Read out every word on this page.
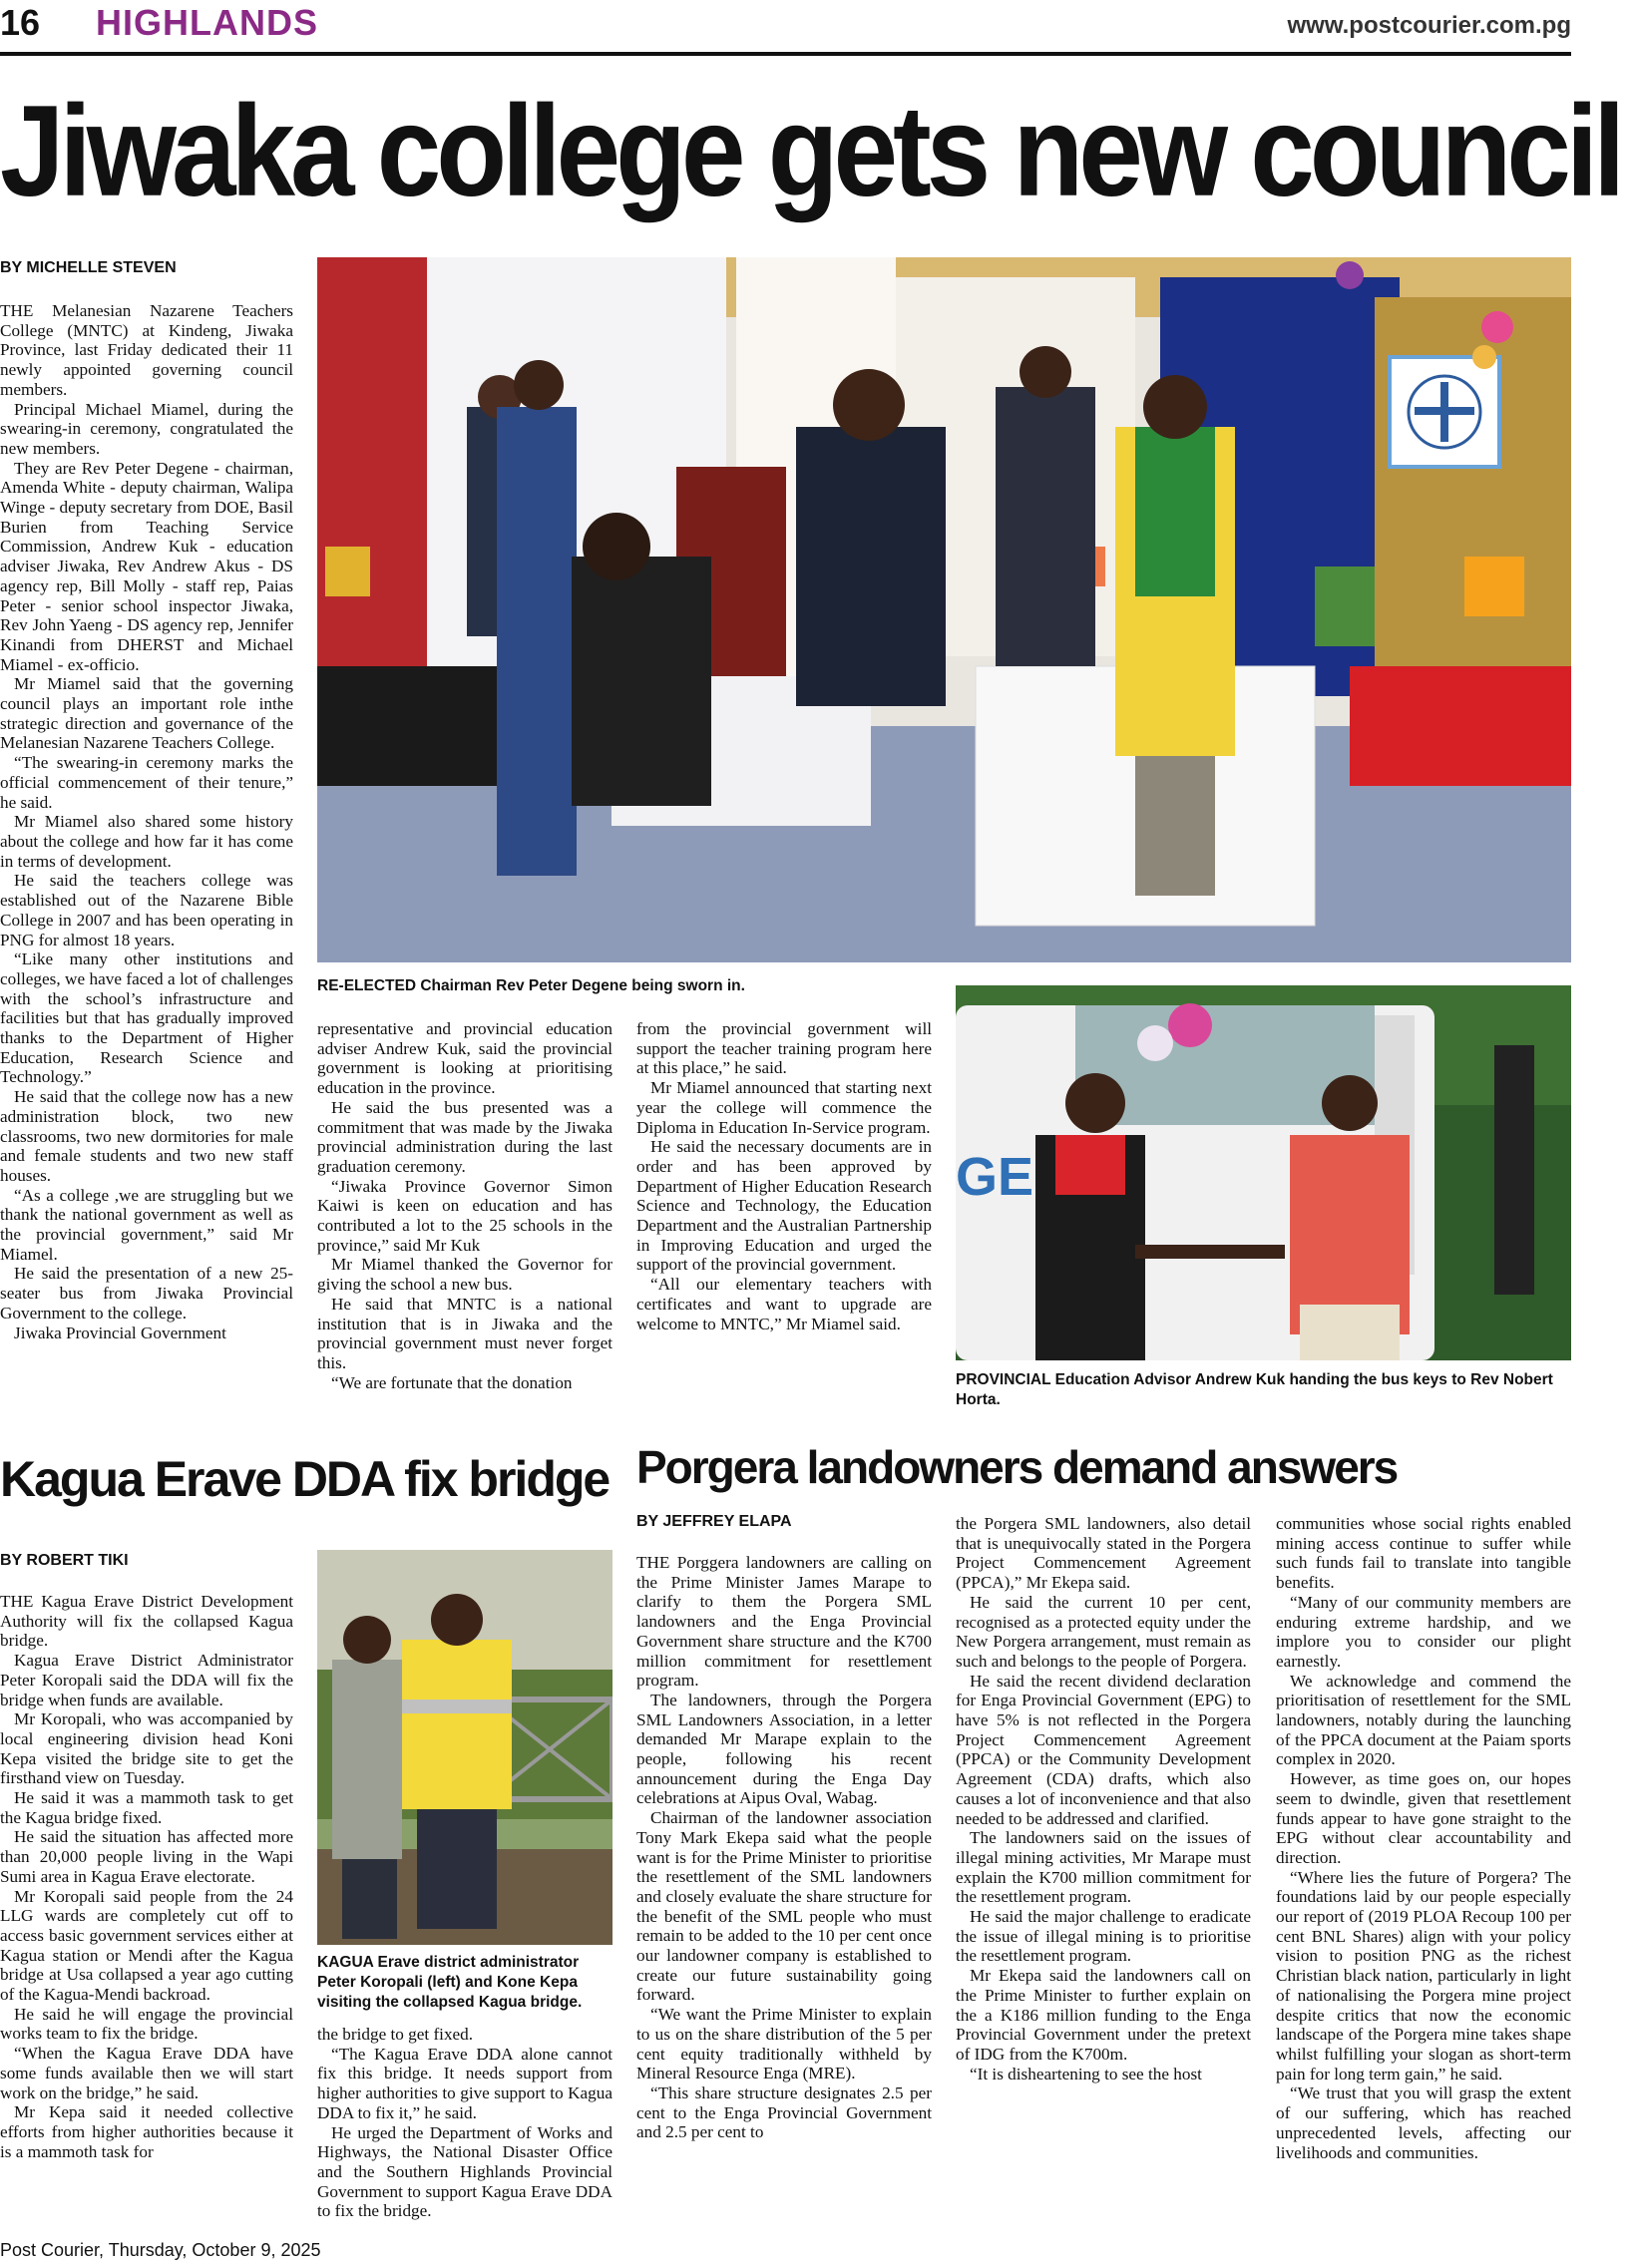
16 HIGHLANDS	www.postcourier.com.pg
Jiwaka college gets new council
BY MICHELLE STEVEN

THE Melanesian Nazarene Teachers College (MNTC) at Kindeng, Jiwaka Province, last Friday dedicated their 11 newly appointed governing council members.

Principal Michael Miamel, during the swearing-in ceremony, congratulated the new members.

They are Rev Peter Degene - chairman, Amenda White - deputy chairman, Walipa Winge - deputy secretary from DOE, Basil Burien from Teaching Service Commission, Andrew Kuk - education adviser Jiwaka, Rev Andrew Akus - DS agency rep, Bill Molly - staff rep, Paias Peter - senior school inspector Jiwaka, Rev John Yaeng - DS agency rep, Jennifer Kinandi from DHERST and Michael Miamel - ex-officio.

Mr Miamel said that the governing council plays an important role inthe strategic direction and governance of the Melanesian Nazarene Teachers College.

“The swearing-in ceremony marks the official commencement of their tenure,” he said.

Mr Miamel also shared some history about the college and how far it has come in terms of development.

He said the teachers college was established out of the Nazarene Bible College in 2007 and has been operating in PNG for almost 18 years.

“Like many other institutions and colleges, we have faced a lot of challenges with the school’s infrastructure and facilities but that has gradually improved thanks to the Department of Higher Education, Research Science and Technology.”

He said that the college now has a new administration block, two new classrooms, two new dormitories for male and female students and two new staff houses.

“As a college ,we are struggling but we thank the national government as well as the provincial government,” said Mr Miamel.

He said the presentation of a new 25-seater bus from Jiwaka Provincial Government to the college.

Jiwaka Provincial Government

RE-ELECTED Chairman Rev Peter Degene being sworn in.

representative and provincial education adviser Andrew Kuk, said the provincial government is looking at prioritising education in the province.

He said the bus presented was a commitment that was made by the Jiwaka provincial administration during the last graduation ceremony.

“Jiwaka Province Governor Simon Kaiwi is keen on education and has contributed a lot to the 25 schools in the province,” said Mr Kuk

Mr Miamel thanked the Governor for giving the school a new bus.

He said that MNTC is a national institution that is in Jiwaka and the provincial government must never forget this.

“We are fortunate that the donation

from the provincial government will support the teacher training program here at this place,” he said.

Mr Miamel announced that starting next year the college will commence the Diploma in Education In-Service program.

He said the necessary documents are in order and has been approved by Department of Higher Education Research Science and Technology, the Education Department and the Australian Partnership in Improving Education and urged the support of the provincial government.

“All our elementary teachers with certificates and want to upgrade are welcome to MNTC,” Mr Miamel said.

GE
PROVINCIAL Education Advisor Andrew Kuk handing the bus keys to Rev Nobert Horta.
Kagua Erave DDA fix bridge
BY ROBERT TIKI

THE Kagua Erave District Development Authority will fix the collapsed Kagua bridge.

Kagua Erave District Administrator Peter Koropali said the DDA will fix the bridge when funds are available.

Mr Koropali, who was accompanied by local engineering division head Koni Kepa visited the bridge site to get the firsthand view on Tuesday.

He said it was a mammoth task to get the Kagua bridge fixed.

He said the situation has affected more than 20,000 people living in the Wapi Sumi area in Kagua Erave electorate.

Mr Koropali said people from the 24 LLG wards are completely cut off to access basic government services either at Kagua station or Mendi after the Kagua bridge at Usa collapsed a year ago cutting of the Kagua-Mendi backroad.

He said he will engage the provincial works team to fix the bridge.

“When the Kagua Erave DDA have some funds available then we will start work on the bridge,” he said.

Mr Kepa said it needed collective efforts from higher authorities because it is a mammoth task for

KAGUA Erave district administrator Peter Koropali (left) and Kone Kepa visiting the collapsed Kagua bridge.

the bridge to get fixed.

“The Kagua Erave DDA alone cannot fix this bridge. It needs support from higher authorities to give support to Kagua DDA to fix it,” he said.

He urged the Department of Works and Highways, the National Disaster Office and the Southern Highlands Provincial Government to support Kagua Erave DDA to fix the bridge.

Porgera landowners demand answers
BY JEFFREY ELAPA

THE Porggera landowners are calling on the Prime Minister James Marape to clarify to them the Porgera SML landowners and the Enga Provincial Government share structure and the K700 million commitment for resettlement program.

The landowners, through the Porgera SML Landowners Association, in a letter demanded Mr Marape explain to the people, following his recent announcement during the Enga Day celebrations at Aipus Oval, Wabag.

Chairman of the landowner association Tony Mark Ekepa said what the people want is for the Prime Minister to prioritise the resettlement of the SML landowners and closely evaluate the share structure for the benefit of the SML people who must remain to be added to the 10 per cent once our landowner company is established to create our future sustainability going forward.

“We want the Prime Minister to explain to us on the share distribution of the 5 per cent equity traditionally withheld by Mineral Resource Enga (MRE).

“This share structure designates 2.5 per cent to the Enga Provincial Government and 2.5 per cent to

the Porgera SML landowners, also detail that is unequivocally stated in the Porgera Project Commencement Agreement (PPCA),” Mr Ekepa said.

He said the current 10 per cent, recognised as a protected equity under the New Porgera arrangement, must remain as such and belongs to the people of Porgera.

He said the recent dividend declaration for Enga Provincial Government (EPG) to have 5% is not reflected in the Porgera Project Commencement Agreement (PPCA) or the Community Development Agreement (CDA) drafts, which also causes a lot of inconvenience and that also needed to be addressed and clarified.

The landowners said on the issues of illegal mining activities, Mr Marape must explain the K700 million commitment for the resettlement program.

He said the major challenge to eradicate the issue of illegal mining is to prioritise the resettlement program.

Mr Ekepa said the landowners call on the Prime Minister to further explain on the a K186 million funding to the Enga Provincial Government under the pretext of IDG from the K700m.

“It is disheartening to see the host

communities whose social rights enabled mining access continue to suffer while such funds fail to translate into tangible benefits.

“Many of our community members are enduring extreme hardship, and we implore you to consider our plight earnestly.

We acknowledge and commend the prioritisation of resettlement for the SML landowners, notably during the launching of the PPCA document at the Paiam sports complex in 2020.

However, as time goes on, our hopes seem to dwindle, given that resettlement funds appear to have gone straight to the EPG without clear accountability and direction.

“Where lies the future of Porgera? The foundations laid by our people especially our report of (2019 PLOA Recoup 100 per cent BNL Shares) align with your policy vision to position PNG as the richest Christian black nation, particularly in light of nationalising the Porgera mine project despite critics that now the economic landscape of the Porgera mine takes shape whilst fulfilling your slogan as short-term pain for long term gain,” he said.

“We trust that you will grasp the extent of our suffering, which has reached unprecedented levels, affecting our livelihoods and communities.

Post Courier, Thursday, October 9, 2025
